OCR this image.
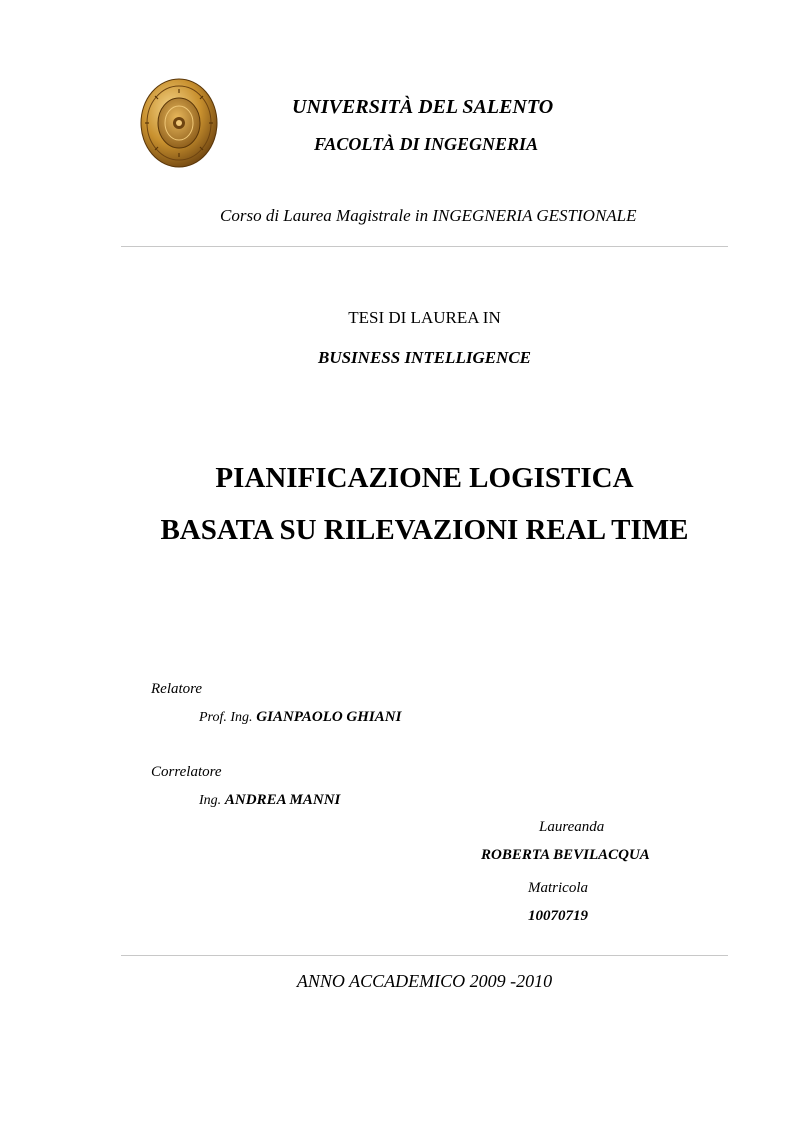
UNIVERSITÀ DEL SALENTO
FACOLTÀ DI INGEGNERIA
Corso di Laurea Magistrale in INGEGNERIA GESTIONALE
TESI DI LAUREA IN
BUSINESS INTELLIGENCE
PIANIFICAZIONE LOGISTICA
BASATA SU RILEVAZIONI REAL TIME
Relatore
Prof. Ing. GIANPAOLO GHIANI
Correlatore
Ing. ANDREA MANNI
Laureanda
ROBERTA BEVILACQUA
Matricola
10070719
ANNO ACCADEMICO 2009 -2010
